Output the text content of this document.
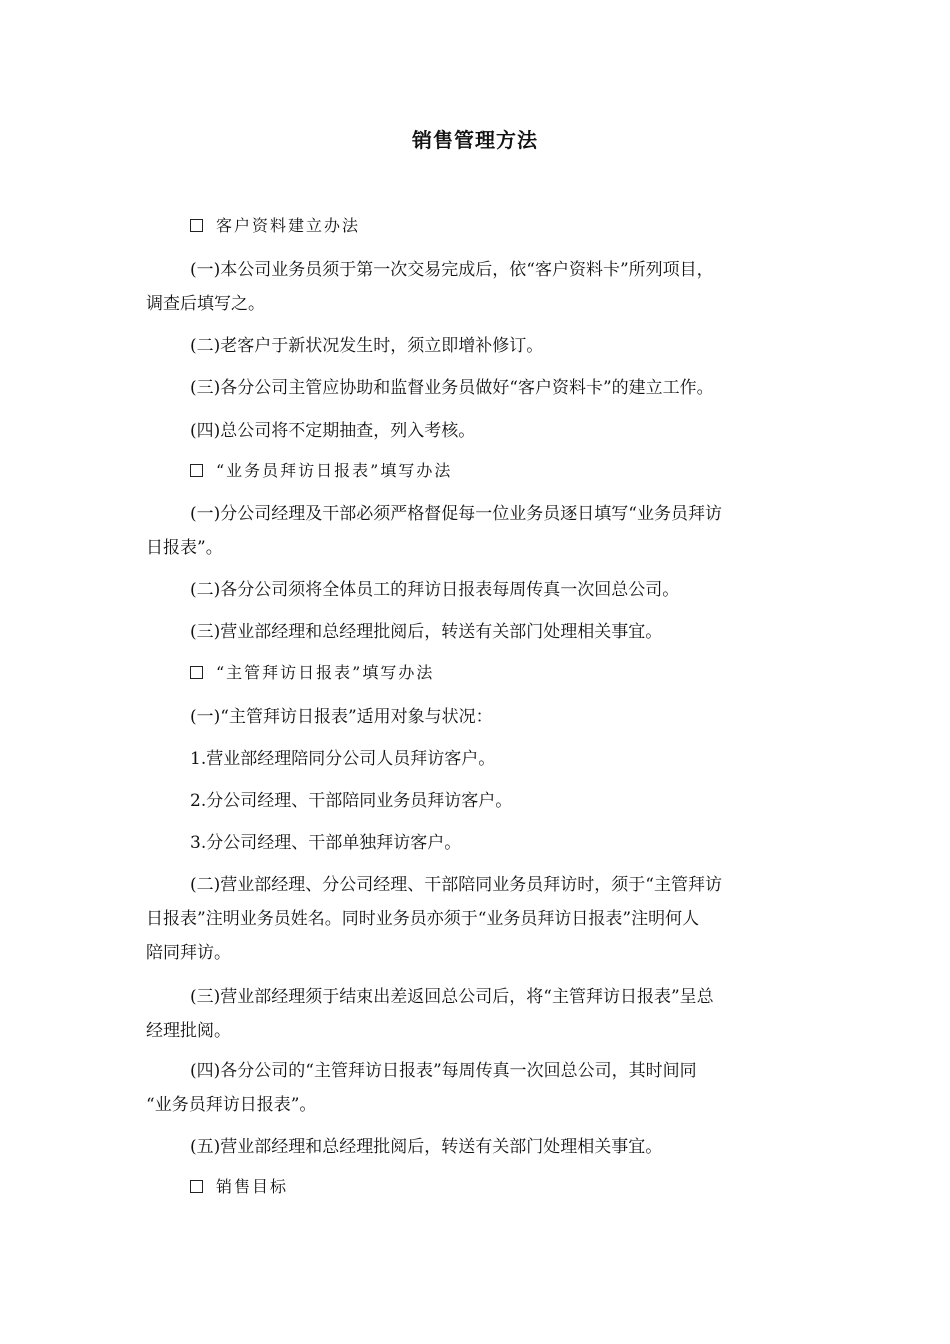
销售管理方法
客户资料建立办法
(一)本公司业务员须于第一次交易完成后，依“客户资料卡”所列项目，
调查后填写之。
(二)老客户于新状况发生时，须立即增补修订。
(三)各分公司主管应协助和监督业务员做好“客户资料卡”的建立工作。
(四)总公司将不定期抽查，列入考核。
“业务员拜访日报表”填写办法
(一)分公司经理及干部必须严格督促每一位业务员逐日填写“业务员拜访
日报表”。
(二)各分公司须将全体员工的拜访日报表每周传真一次回总公司。
(三)营业部经理和总经理批阅后，转送有关部门处理相关事宜。
“主管拜访日报表”填写办法
(一)“主管拜访日报表”适用对象与状况：
1.营业部经理陪同分公司人员拜访客户。
2.分公司经理、干部陪同业务员拜访客户。
3.分公司经理、干部单独拜访客户。
(二)营业部经理、分公司经理、干部陪同业务员拜访时，须于“主管拜访
日报表”注明业务员姓名。同时业务员亦须于“业务员拜访日报表”注明何人
陪同拜访。
(三)营业部经理须于结束出差返回总公司后，将“主管拜访日报表”呈总
经理批阅。
(四)各分公司的“主管拜访日报表”每周传真一次回总公司，其时间同
“业务员拜访日报表”。
(五)营业部经理和总经理批阅后，转送有关部门处理相关事宜。
销售目标
